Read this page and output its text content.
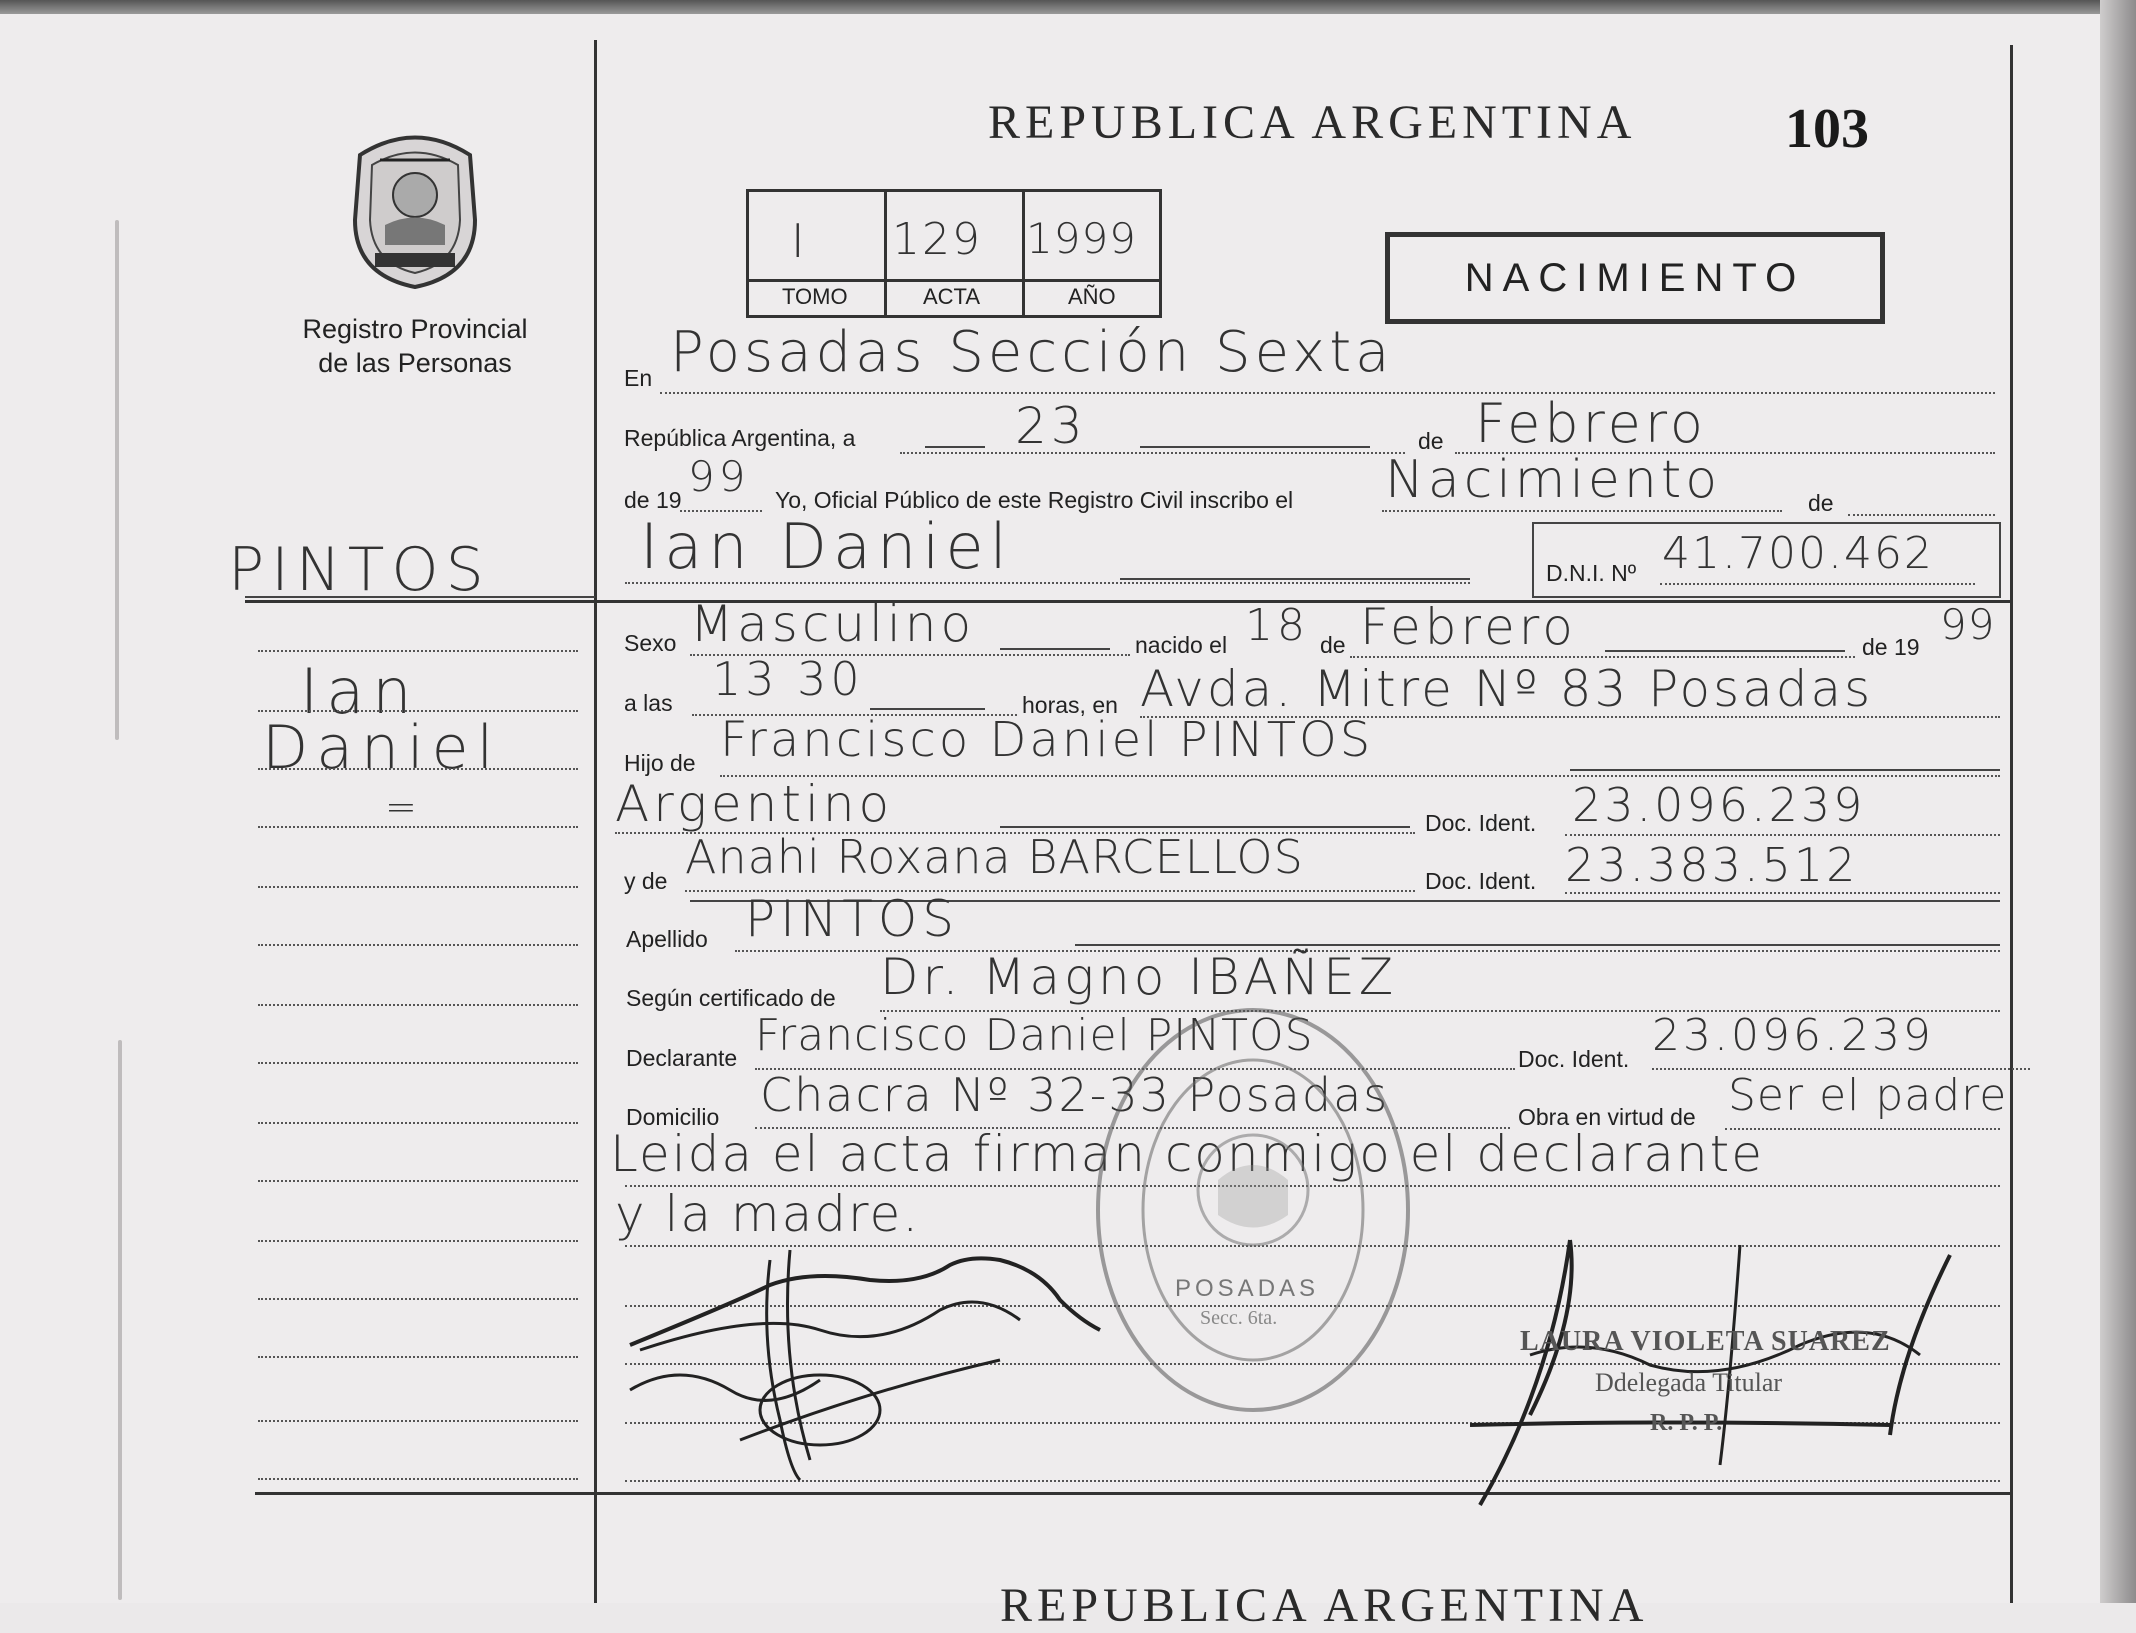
Registro Provincial
de las Personas
REPUBLICA ARGENTINA	103
I 129 1999
TOMO	ACTA	AÑO	NACIMIENTO
En Posadas Sección Sexta
República Argentina, a	23	de Febrero
de 19 99 Yo, Oficial Público de este Registro Civil inscribo el Nacimiento	de
Ian Daniel	D.N.I. Nº 41.700.462
Sexo Masculino	nacido el 18 de Febrero	de 19 99
a las 13 30	horas, en Avda. Mitre Nº 83 Posadas
Hijo de Francisco Daniel PINTOS
Argentino	Doc. Ident. 23.096.239
y de Anahi Roxana BARCELLOS	Doc. Ident. 23.383.512
Apellido PINTOS
Según certificado de Dr. Magno IBAÑEZ
Declarante Francisco Daniel PINTOS	Doc. Ident. 23.096.239
Domicilio Chacra Nº 32-33 Posadas	Obra en virtud de Ser el padre
Leida el acta firman conmigo el declarante
y la madre.
PINTOS
Ian
Daniel
=
POSADAS
Secc. 6ta.
LAURA VIOLETA SUAREZ
Ddelegada Titular
R. P. P.
REPUBLICA ARGENTINA
